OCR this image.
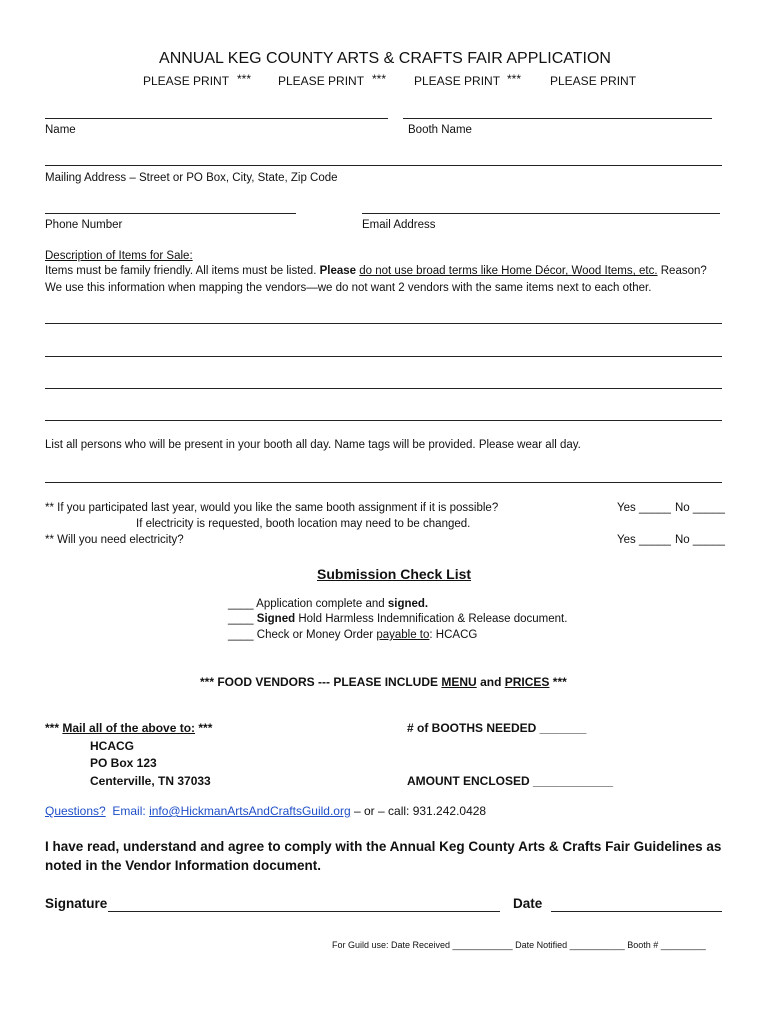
ANNUAL KEG COUNTY ARTS & CRAFTS FAIR APPLICATION
PLEASE PRINT *** PLEASE PRINT *** PLEASE PRINT *** PLEASE PRINT
Name	Booth Name
Mailing Address – Street or PO Box, City, State, Zip Code
Phone Number	Email Address
Description of Items for Sale:
Items must be family friendly. All items must be listed. Please do not use broad terms like Home Décor, Wood Items, etc. Reason?
We use this information when mapping the vendors—we do not want 2 vendors with the same items next to each other.
List all persons who will be present in your booth all day. Name tags will be provided. Please wear all day.
** If you participated last year, would you like the same booth assignment if it is possible?	Yes _____ No _____
If electricity is requested, booth location may need to be changed.
** Will you need electricity?	Yes _____ No _____
Submission Check List
____ Application complete and signed.
____ Signed Hold Harmless Indemnification & Release document.
____ Check or Money Order payable to: HCACG
*** FOOD VENDORS --- PLEASE INCLUDE MENU and PRICES ***
*** Mail all of the above to: ***
HCACG
PO Box 123
Centerville, TN 37033
# of BOOTHS NEEDED _______
AMOUNT ENCLOSED ____________
Questions? Email: info@HickmanArtsAndCraftsGuild.org – or – call: 931.242.0428
I have read, understand and agree to comply with the Annual Keg County Arts & Crafts Fair Guidelines as
noted in the Vendor Information document.
Signature	Date
For Guild use: Date Received ____________ Date Notified ___________ Booth # _________
